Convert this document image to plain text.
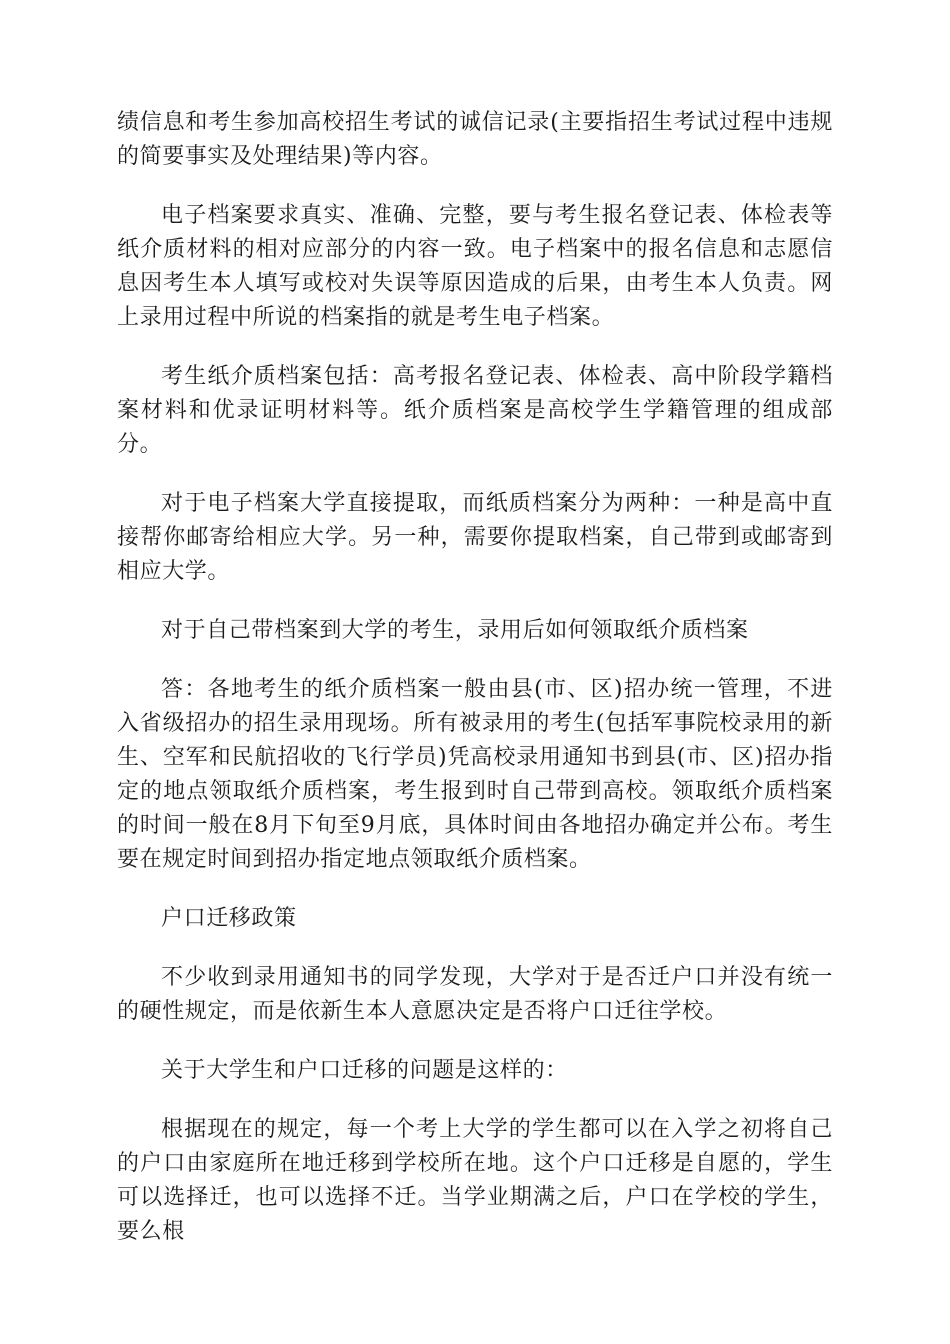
绩信息和考生参加高校招生考试的诚信记录(主要指招生考试过程中违规的简要事实及处理结果)等内容。

电子档案要求真实、准确、完整，要与考生报名登记表、体检表等纸介质材料的相对应部分的内容一致。电子档案中的报名信息和志愿信息因考生本人填写或校对失误等原因造成的后果，由考生本人负责。网上录用过程中所说的档案指的就是考生电子档案。

考生纸介质档案包括：高考报名登记表、体检表、高中阶段学籍档案材料和优录证明材料等。纸介质档案是高校学生学籍管理的组成部分。

对于电子档案大学直接提取，而纸质档案分为两种：一种是高中直接帮你邮寄给相应大学。另一种，需要你提取档案，自己带到或邮寄到相应大学。

对于自己带档案到大学的考生，录用后如何领取纸介质档案

答：各地考生的纸介质档案一般由县(市、区)招办统一管理，不进入省级招办的招生录用现场。所有被录用的考生(包括军事院校录用的新生、空军和民航招收的飞行学员)凭高校录用通知书到县(市、区)招办指定的地点领取纸介质档案，考生报到时自己带到高校。领取纸介质档案的时间一般在8月下旬至9月底，具体时间由各地招办确定并公布。考生要在规定时间到招办指定地点领取纸介质档案。

户口迁移政策

不少收到录用通知书的同学发现，大学对于是否迁户口并没有统一的硬性规定，而是依新生本人意愿决定是否将户口迁往学校。

关于大学生和户口迁移的问题是这样的：

根据现在的规定，每一个考上大学的学生都可以在入学之初将自己的户口由家庭所在地迁移到学校所在地。这个户口迁移是自愿的，学生可以选择迁，也可以选择不迁。当学业期满之后，户口在学校的学生，要么根
